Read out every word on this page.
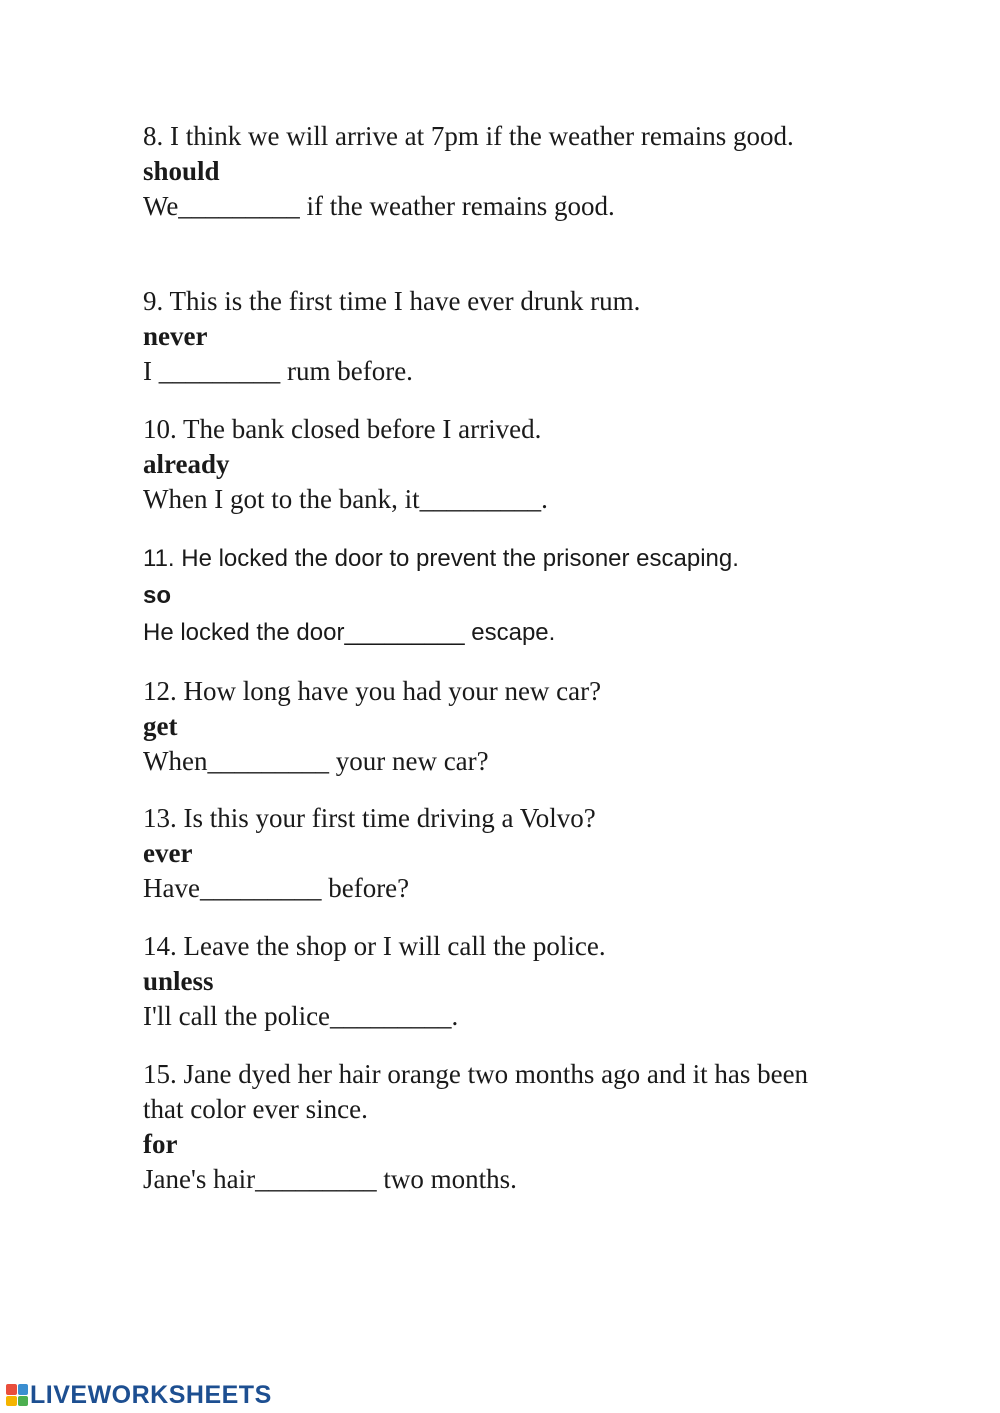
8. I think we will arrive at 7pm if the weather remains good.

should

We_________ if the weather remains good.

9. This is the first time I have ever drunk rum.

never

I _________ rum before.

10. The bank closed before I arrived.

already

When I got to the bank, it_________.

11. He locked the door to prevent the prisoner escaping.

so

He locked the door_________ escape.

12. How long have you had your new car?

get

When_________ your new car?

13. Is this your first time driving a Volvo?

ever

Have_________ before?

14. Leave the shop or I will call the police.

unless

I'll call the police_________.

15. Jane dyed her hair orange two months ago and it has been that color ever since.

for

Jane's hair_________ two months.

LIVEWORKSHEETS
